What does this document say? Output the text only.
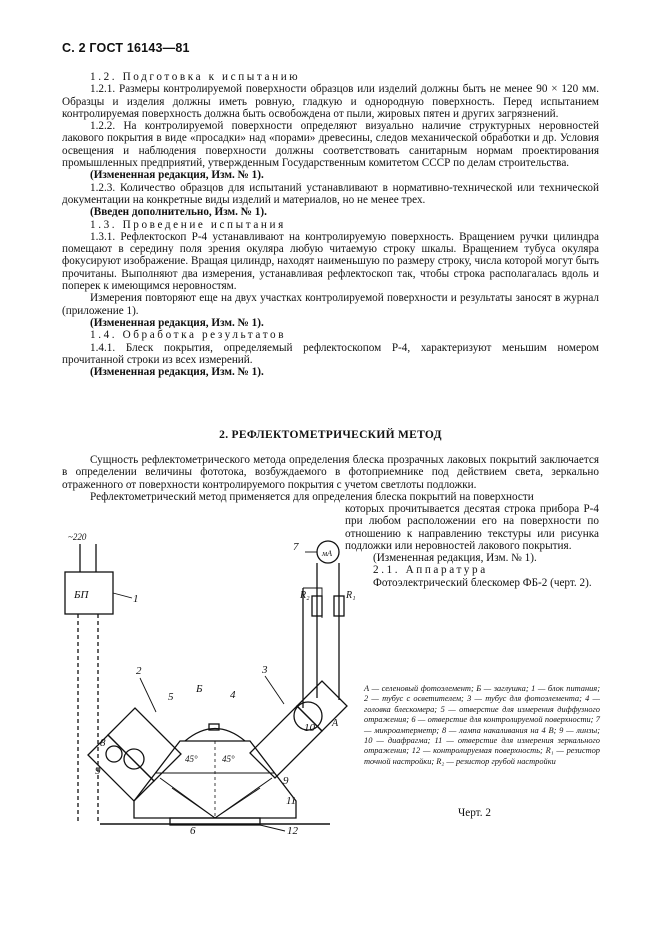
С. 2 ГОСТ 16143—81

1.2. Подготовка к испытанию

1.2.1. Размеры контролируемой поверхности образцов или изделий должны быть не менее 90 × 120 мм. Образцы и изделия должны иметь ровную, гладкую и однородную поверхность. Перед испытанием контролируемая поверхность должна быть освобождена от пыли, жировых пятен и других загрязнений.

1.2.2. На контролируемой поверхности определяют визуально наличие структурных неровностей лакового покрытия в виде «просадки» над «порами» древесины, следов механической обработки и др. Условия освещения и наблюдения поверхности должны соответствовать санитарным нормам проектирования промышленных предприятий, утвержденным Государственным комитетом СССР по делам строительства.

(Измененная редакция, Изм. № 1).

1.2.3. Количество образцов для испытаний устанавливают в нормативно-технической или технической документации на конкретные виды изделий и материалов, но не менее трех.

(Введен дополнительно, Изм. № 1).

1.3. Проведение испытания

1.3.1. Рефлектоскоп Р-4 устанавливают на контролируемую поверхность. Вращением ручки цилиндра помещают в середину поля зрения окуляра любую читаемую строку шкалы. Вращением тубуса окуляра фокусируют изображение. Вращая цилиндр, находят наименьшую по размеру строку, числа которой могут быть прочитаны. Выполняют два измерения, устанавливая рефлектоскоп так, чтобы строка располагалась вдоль и поперек к имеющимся неровностям.

Измерения повторяют еще на двух участках контролируемой поверхности и результаты заносят в журнал (приложение 1).

(Измененная редакция, Изм. № 1).

1.4. Обработка результатов

1.4.1. Блеск покрытия, определяемый рефлектоскопом Р-4, характеризуют меньшим номером прочитанной строки из всех измерений.

(Измененная редакция, Изм. № 1).

2. РЕФЛЕКТОМЕТРИЧЕСКИЙ МЕТОД

Сущность рефлектометрического метода определения блеска прозрачных лаковых покрытий заключается в определении величины фототока, возбуждаемого в фотоприемнике под действием света, зеркально отраженного от поверхности контролируемого покрытия с учетом светлоты подложки.

Рефлектометрический метод применяется для определения блеска покрытий на поверхности

которых прочитывается десятая строка прибора Р-4 при любом расположении его на поверхности по отношению к направлению текстуры или рисунка подложки или неровностей лакового покрытия.

(Измененная редакция, Изм. № 1).

2.1. Аппаратура

Фотоэлектрический блескомер ФБ-2 (черт. 2).

~220
БП	1
2	3
4
5
Б
6
7
мА
R₂	R₁
8
9
9
10
11
12
А
45°	45°
А — селеновый фотоэлемент; Б — заглушка; 1 — блок питания; 2 — тубус с осветителем; 3 — тубус для фотоэлемента; 4 — головка блескомера; 5 — отверстие для измерения диффузного отражения; 6 — отверстие для контролируемой поверхности; 7 — микроамперметр; 8 — лампа накаливания на 4 В; 9 — линзы; 10 — диафрагма; 11 — отверстие для измерения зеркального отражения; 12 — контролируемая поверхность; R₁ — резистор точной настройки; R₂ — резистор грубой настройки
Черт. 2
